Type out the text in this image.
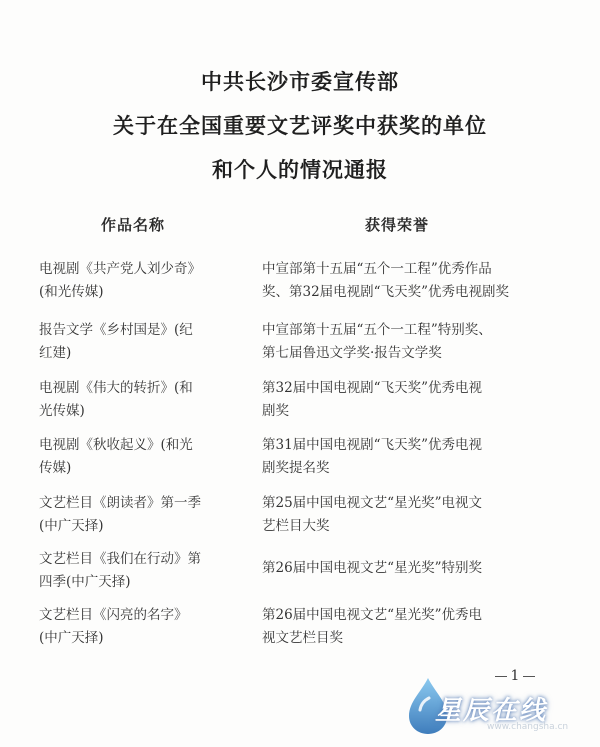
中共长沙市委宣传部
关于在全国重要文艺评奖中获奖的单位
和个人的情况通报
作品名称	获得荣誉
电视剧《共产党人刘少奇》
(和光传媒)
中宣部第十五届“五个一工程”优秀作品
奖、第32届电视剧“飞天奖”优秀电视剧奖
报告文学《乡村国是》(纪
红建)
中宣部第十五届“五个一工程”特别奖、
第七届鲁迅文学奖·报告文学奖
电视剧《伟大的转折》(和
光传媒)
第32届中国电视剧“飞天奖”优秀电视
剧奖
电视剧《秋收起义》(和光
传媒)
第31届中国电视剧“飞天奖”优秀电视
剧奖提名奖
文艺栏目《朗读者》第一季
(中广天择)
第25届中国电视文艺“星光奖”电视文
艺栏目大奖
文艺栏目《我们在行动》第
四季(中广天择)
第26届中国电视文艺“星光奖”特别奖
文艺栏目《闪亮的名字》
(中广天择)
第26届中国电视文艺“星光奖”优秀电
视文艺栏目奖
1
星辰在线
www.changsha.cn
